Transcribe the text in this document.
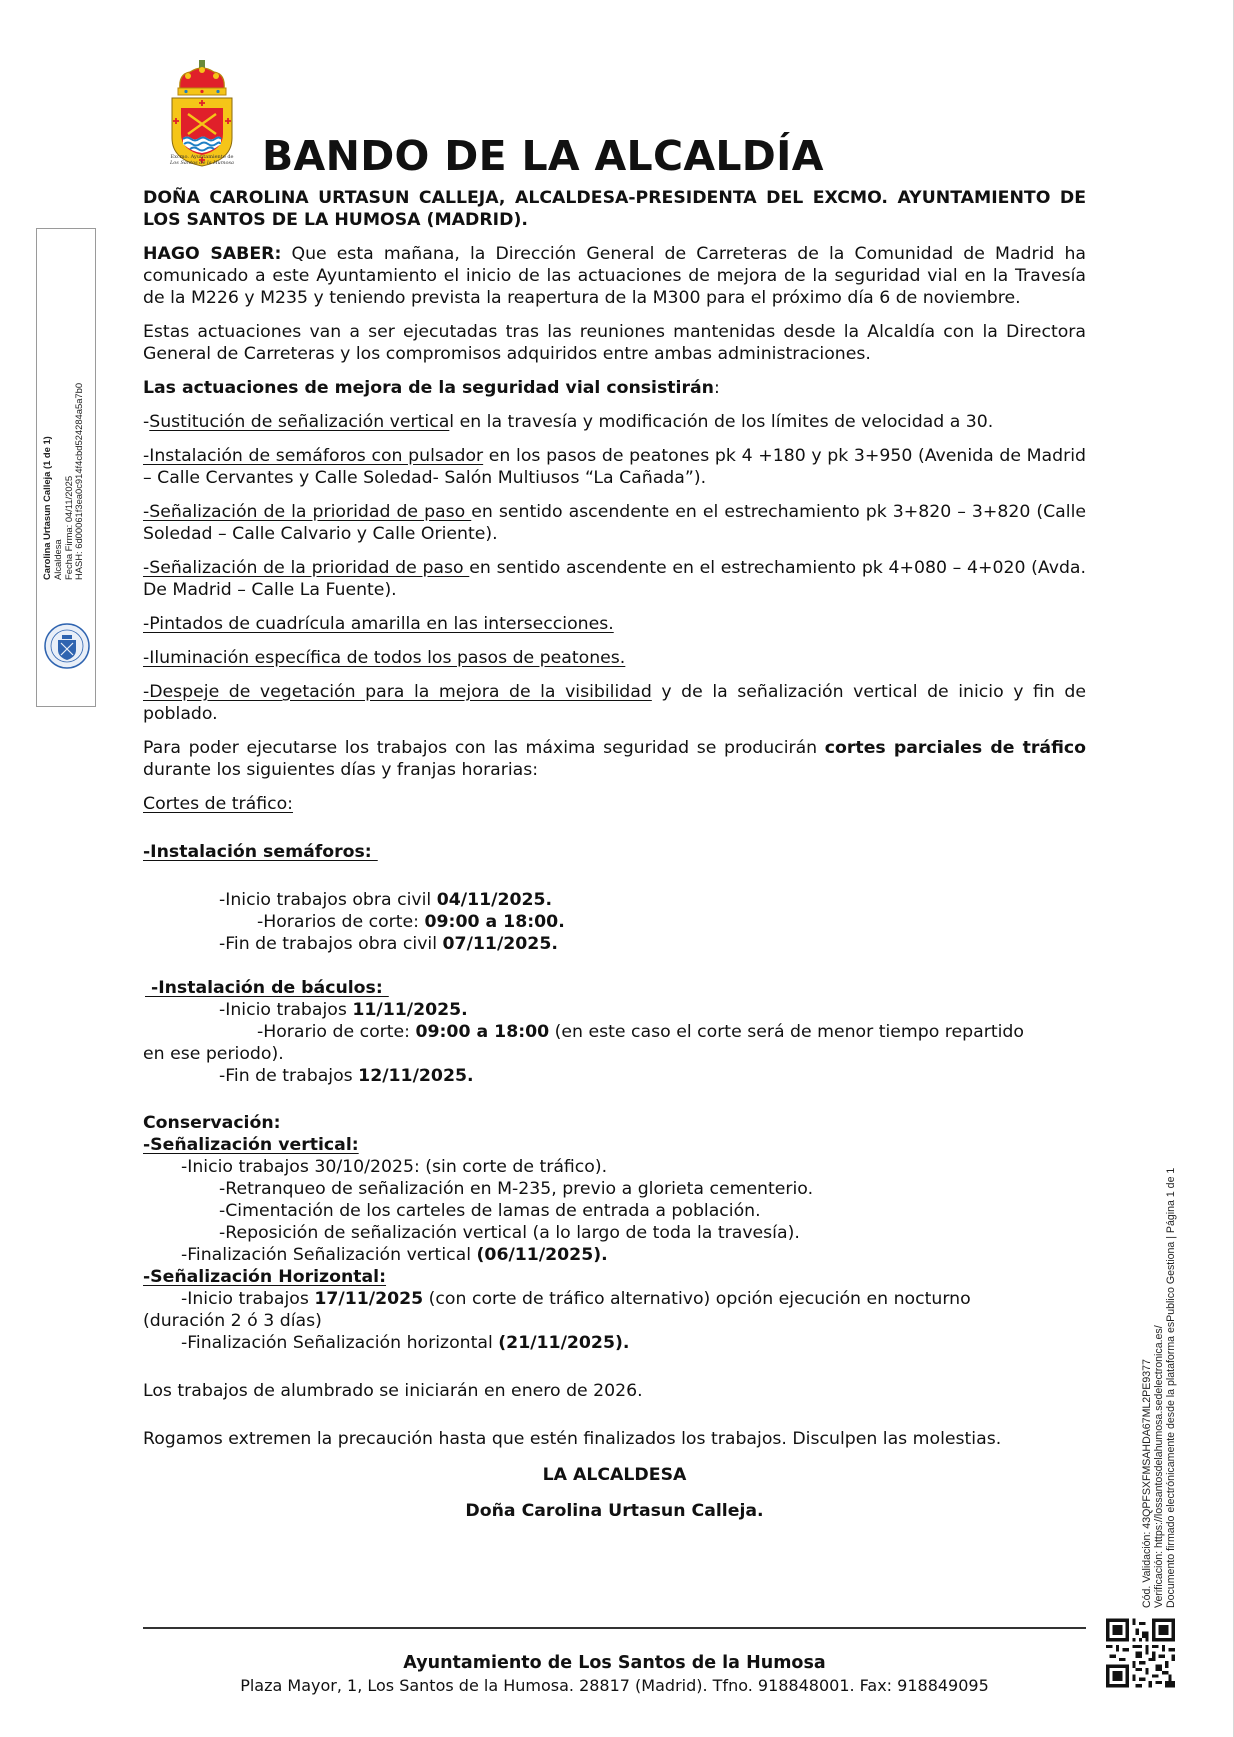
Excmo. Ayuntamiento de
Los Santos de la Humosa BANDO DE LA ALCALDÍA

DOÑA CAROLINA URTASUN CALLEJA, ALCALDESA-PRESIDENTA DEL EXCMO. AYUNTAMIENTO DE LOS SANTOS DE LA HUMOSA (MADRID).

HAGO SABER: Que esta mañana, la Dirección General de Carreteras de la Comunidad de Madrid ha comunicado a este Ayuntamiento el inicio de las actuaciones de mejora de la seguridad vial en la Travesía de la M226 y M235 y teniendo prevista la reapertura de la M300 para el próximo día 6 de noviembre.

Estas actuaciones van a ser ejecutadas tras las reuniones mantenidas desde la Alcaldía con la Directora General de Carreteras y los compromisos adquiridos entre ambas administraciones.

Las actuaciones de mejora de la seguridad vial consistirán:

-Sustitución de señalización vertical en la travesía y modificación de los límites de velocidad a 30.

-Instalación de semáforos con pulsador en los pasos de peatones pk 4 +180 y pk 3+950 (Avenida de Madrid – Calle Cervantes y Calle Soledad- Salón Multiusos “La Cañada”).

-Señalización de la prioridad de paso en sentido ascendente en el estrechamiento pk 3+820 – 3+820 (Calle Soledad – Calle Calvario y Calle Oriente).

-Señalización de la prioridad de paso en sentido ascendente en el estrechamiento pk 4+080 – 4+020 (Avda. De Madrid – Calle La Fuente).

-Pintados de cuadrícula amarilla en las intersecciones.

-Iluminación específica de todos los pasos de peatones.

-Despeje de vegetación para la mejora de la visibilidad y de la señalización vertical de inicio y fin de poblado.

Para poder ejecutarse los trabajos con las máxima seguridad se producirán cortes parciales de tráfico durante los siguientes días y franjas horarias:

Cortes de tráfico:

-Instalación semáforos:

-Inicio trabajos obra civil 04/11/2025.

-Horarios de corte: 09:00 a 18:00.

-Fin de trabajos obra civil 07/11/2025.

-Instalación de báculos:

-Inicio trabajos 11/11/2025.

-Horario de corte: 09:00 a 18:00 (en este caso el corte será de menor tiempo repartido

en ese periodo).

-Fin de trabajos 12/11/2025.

Conservación:

-Señalización vertical:

-Inicio trabajos 30/10/2025: (sin corte de tráfico).

-Retranqueo de señalización en M-235, previo a glorieta cementerio.

-Cimentación de los carteles de lamas de entrada a población.

-Reposición de señalización vertical (a lo largo de toda la travesía).

-Finalización Señalización vertical (06/11/2025).

-Señalización Horizontal:

-Inicio trabajos 17/11/2025 (con corte de tráfico alternativo) opción ejecución en nocturno

(duración 2 ó 3 días)

-Finalización Señalización horizontal (21/11/2025).

Los trabajos de alumbrado se iniciarán en enero de 2026.

Rogamos extremen la precaución hasta que estén finalizados los trabajos. Disculpen las molestias.

LA ALCALDESA

Doña Carolina Urtasun Calleja.

Carolina Urtasun Calleja (1 de 1) Alcaldesa Fecha Firma: 04/11/2025 HASH: 6d00061f3ea0c914f4cbd524284a5a7b0
Cód. Validación: 43QPFSXFMSAHDA67ML2PE9377 Verificación: https://lossantosdelahumosa.sedelectronica.es/ Documento firmado electrónicamente desde la plataforma esPublico Gestiona | Página 1 de 1
Ayuntamiento de Los Santos de la Humosa
Plaza Mayor, 1, Los Santos de la Humosa. 28817 (Madrid). Tfno. 918848001. Fax: 918849095
